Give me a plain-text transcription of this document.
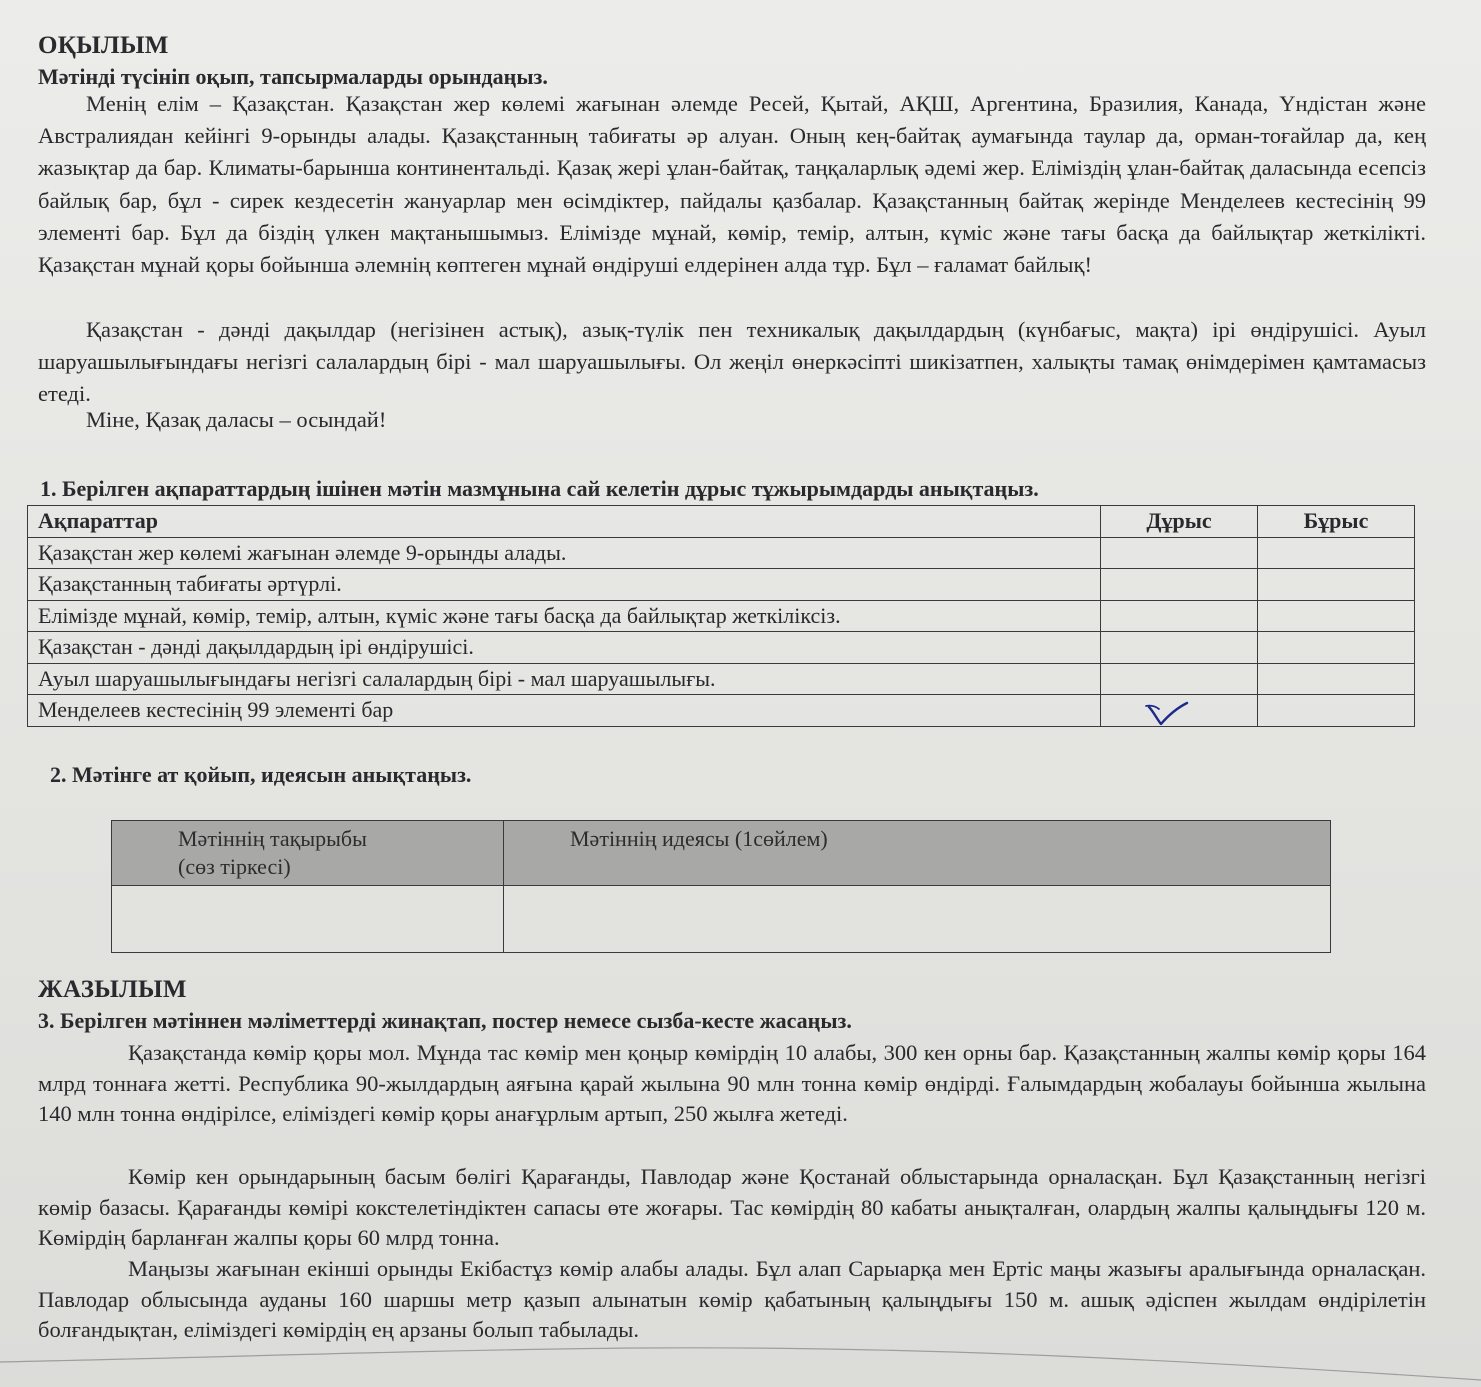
ОҚЫЛЫМ
Мәтінді түсініп оқып, тапсырмаларды орындаңыз.

Менің елім – Қазақстан. Қазақстан жер көлемі жағынан әлемде Ресей, Қытай, АҚШ, Аргентина, Бразилия, Канада, Үндістан және Австралиядан кейінгі 9-орынды алады. Қазақстанның табиғаты әр алуан. Оның кең-байтақ аумағында таулар да, орман-тоғайлар да, кең жазықтар да бар. Климаты-барынша континентальді. Қазақ жері ұлан-байтақ, таңқаларлық әдемі жер. Еліміздің ұлан-байтақ даласында есепсіз байлық бар, бұл - сирек кездесетін жануарлар мен өсімдіктер, пайдалы қазбалар. Қазақстанның байтақ жерінде Менделеев кестесінің 99 элементі бар. Бұл да біздің үлкен мақтанышымыз. Елімізде мұнай, көмір, темір, алтын, күміс және тағы басқа да байлықтар жеткілікті. Қазақстан мұнай қоры бойынша әлемнің көптеген мұнай өндіруші елдерінен алда тұр. Бұл – ғаламат байлық!

Қазақстан - дәнді дақылдар (негізінен астық), азық-түлік пен техникалық дақылдардың (күнбағыс, мақта) ірі өндірушісі. Ауыл шаруашылығындағы негізгі салалардың бірі - мал шаруашылығы. Ол жеңіл өнеркәсіпті шикізатпен, халықты тамақ өнімдерімен қамтамасыз етеді.

Міне, Қазақ даласы – осындай!

1. Берілген ақпараттардың ішінен мәтін мазмұнына сай келетін дұрыс тұжырымдарды анықтаңыз.
Ақпараттар	Дұрыс	Бұрыс
Қазақстан жер көлемі жағынан әлемде 9-орынды алады.		
Қазақстанның табиғаты әртүрлі.		
Елімізде мұнай, көмір, темір, алтын, күміс және тағы басқа да байлықтар жеткіліксіз.		
Қазақстан - дәнді дақылдардың ірі өндірушісі.		
Ауыл шаруашылығындағы негізгі салалардың бірі - мал шаруашылығы.		
Менделеев кестесінің 99 элементі бар	

2. Мәтінге ат қойып, идеясын анықтаңыз.
Мәтіннің тақырыбы
(сөз тіркесі)	Мәтіннің идеясы (1сөйлем)

ЖАЗЫЛЫМ
3. Берілген мәтіннен мәліметтерді жинақтап, постер немесе сызба-кесте жасаңыз.

Қазақстанда көмір қоры мол. Мұнда тас көмір мен қоңыр көмірдің 10 алабы, 300 кен орны бар. Қазақстанның жалпы көмір қоры 164 млрд тоннаға жетті. Республика 90-жылдардың аяғына қарай жылына 90 млн тонна көмір өндірді. Ғалымдардың жобалауы бойынша жылына 140 млн тонна өндірілсе, еліміздегі көмір қоры анағұрлым артып, 250 жылға жетеді.

Көмір кен орындарының басым бөлігі Қарағанды, Павлодар және Қостанай облыстарында орналасқан. Бұл Қазақстанның негізгі көмір базасы. Қарағанды көмірі кокстелетіндіктен сапасы өте жоғары. Тас көмірдің 80 кабаты анықталған, олардың жалпы қалыңдығы 120 м. Көмірдің барланған жалпы қоры 60 млрд тонна.

Маңызы жағынан екінші орынды Екібастұз көмір алабы алады. Бұл алап Сарыарқа мен Ертіс маңы жазығы аралығында орналасқан. Павлодар облысында ауданы 160 шаршы метр қазып алынатын көмір қабатының қалыңдығы 150 м. ашық әдіспен жылдам өндірілетін болғандықтан, еліміздегі көмірдің ең арзаны болып табылады.
